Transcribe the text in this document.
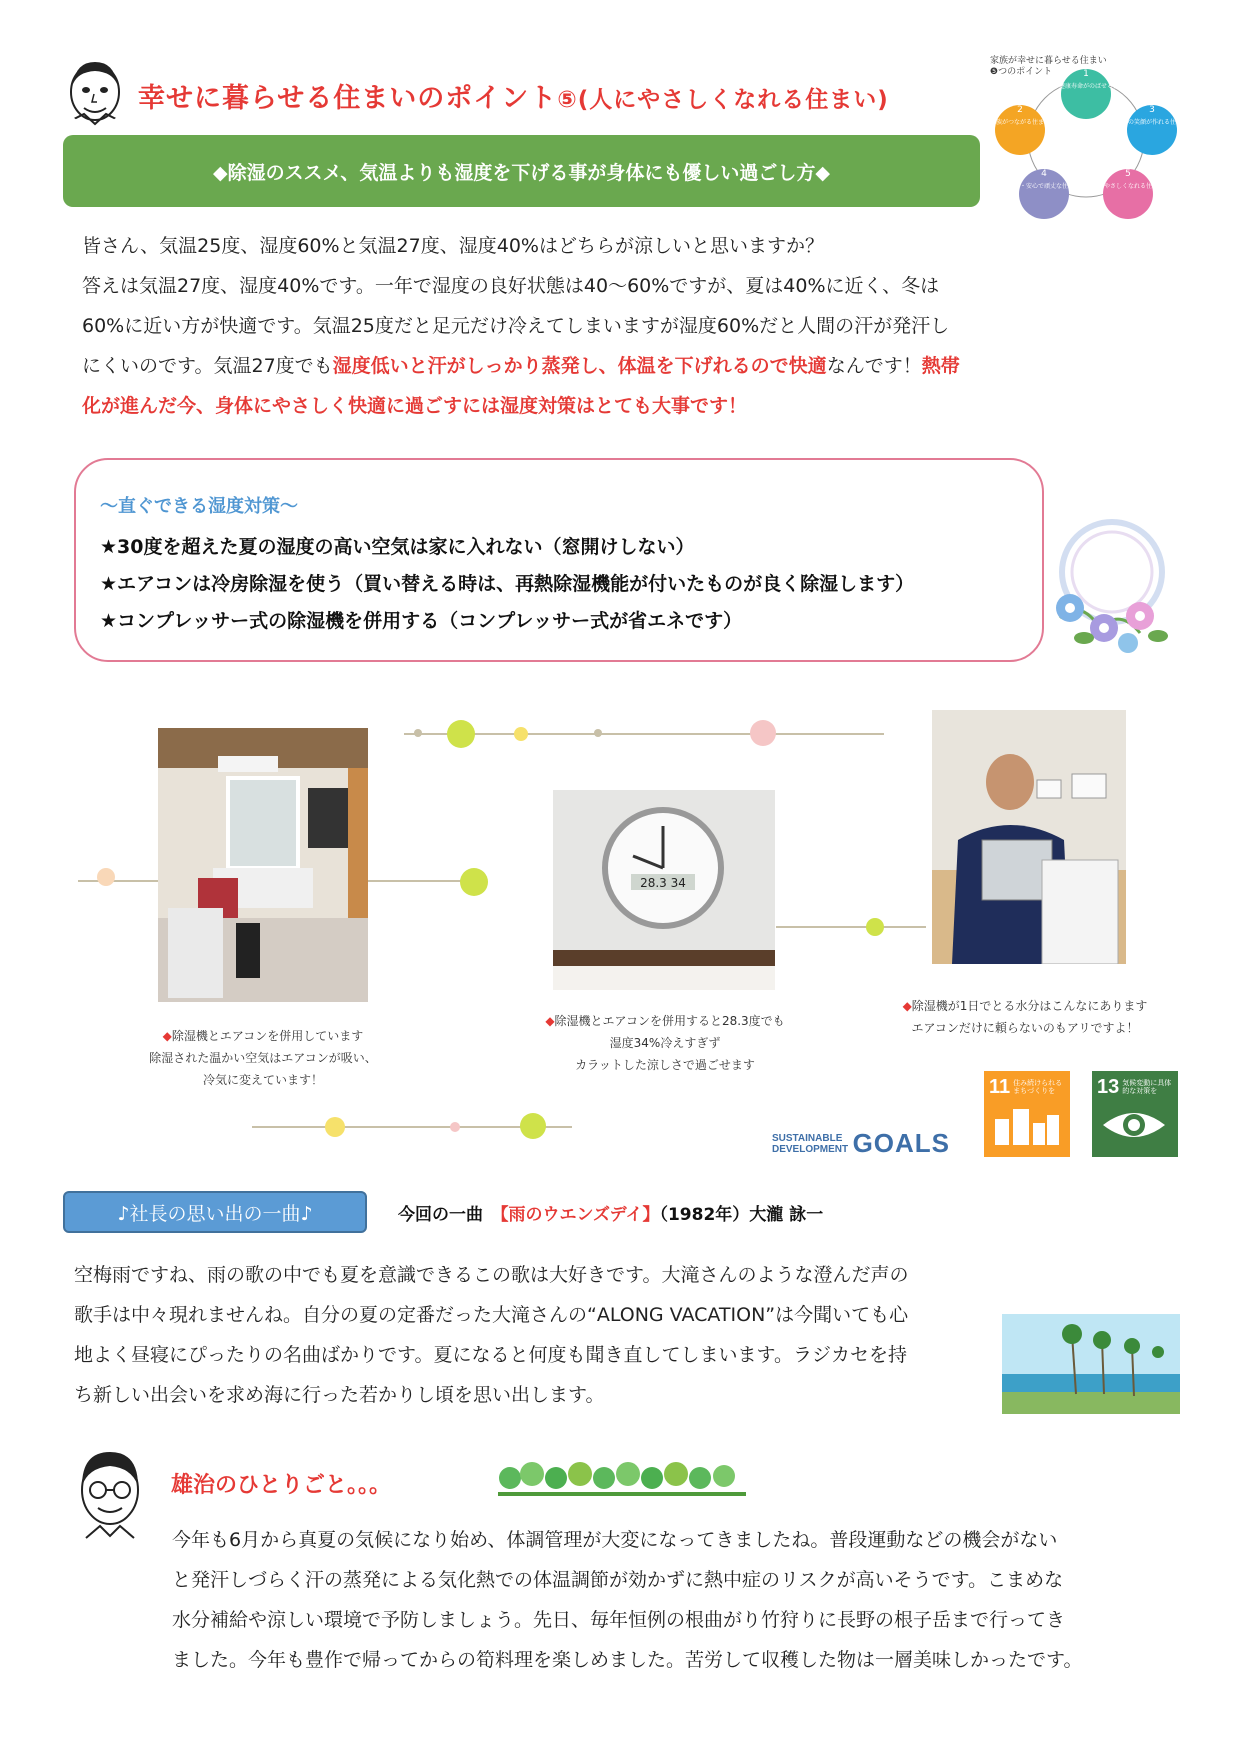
幸せに暮らせる住まいのポイント⑤(人にやさしくなれる住まい)
家族が幸せに暮らせる住まい
❺つのポイント	1
快適で健康寿命がのばせる住まい
2
家族がつながる住まい
3
家族の笑顔が作れる住まい
4
安全・安心で頑丈な住まい
5
人にやさしくなれる住まい
◆除湿のススメ、気温よりも湿度を下げる事が身体にも優しい過ごし方◆

皆さん、気温25度、湿度60%と気温27度、湿度40%はどちらが涼しいと思いますか？

答えは気温27度、湿度40%です。一年で湿度の良好状態は40～60%ですが、夏は40%に近く、冬は

60%に近い方が快適です。気温25度だと足元だけ冷えてしまいますが湿度60%だと人間の汗が発汗し

にくいのです。気温27度でも湿度低いと汗がしっかり蒸発し、体温を下げれるので快適なんです！熱帯

化が進んだ今、身体にやさしく快適に過ごすには湿度対策はとても大事です！

～直ぐできる湿度対策～
★30度を超えた夏の湿度の高い空気は家に入れない（窓開けしない）
★エアコンは冷房除湿を使う（買い替える時は、再熱除湿機能が付いたものが良く除湿します）
★コンプレッサー式の除湿機を併用する（コンプレッサー式が省エネです）
28.3 34
◆除湿機とエアコンを併用しています
除湿された温かい空気はエアコンが吸い、
冷気に変えています！
◆除湿機とエアコンを併用すると28.3度でも
湿度34%冷えすぎず
カラットした涼しさで過ごせます
◆除湿機が1日でとる水分はこんなにあります
エアコンだけに頼らないのもアリですよ！
SUSTAINABLE
DEVELOPMENT GOALS
11 住み続けられるまちづくりを	13 気候変動に具体的な対策を
♪社長の思い出の一曲♪	今回の一曲　 【雨のウエンズデイ】（1982年）大瀧 詠一

空梅雨ですね、雨の歌の中でも夏を意識できるこの歌は大好きです。大滝さんのような澄んだ声の

歌手は中々現れませんね。自分の夏の定番だった大滝さんの“ALONG VACATION”は今聞いても心

地よく昼寝にぴったりの名曲ばかりです。夏になると何度も聞き直してしまいます。ラジカセを持

ち新しい出会いを求め海に行った若かりし頃を思い出します。

雄治のひとりごと。。。

今年も6月から真夏の気候になり始め、体調管理が大変になってきましたね。普段運動などの機会がない

と発汗しづらく汗の蒸発による気化熱での体温調節が効かずに熱中症のリスクが高いそうです。こまめな

水分補給や涼しい環境で予防しましょう。先日、毎年恒例の根曲がり竹狩りに長野の根子岳まで行ってき

ました。今年も豊作で帰ってからの筍料理を楽しめました。苦労して収穫した物は一層美味しかったです。
